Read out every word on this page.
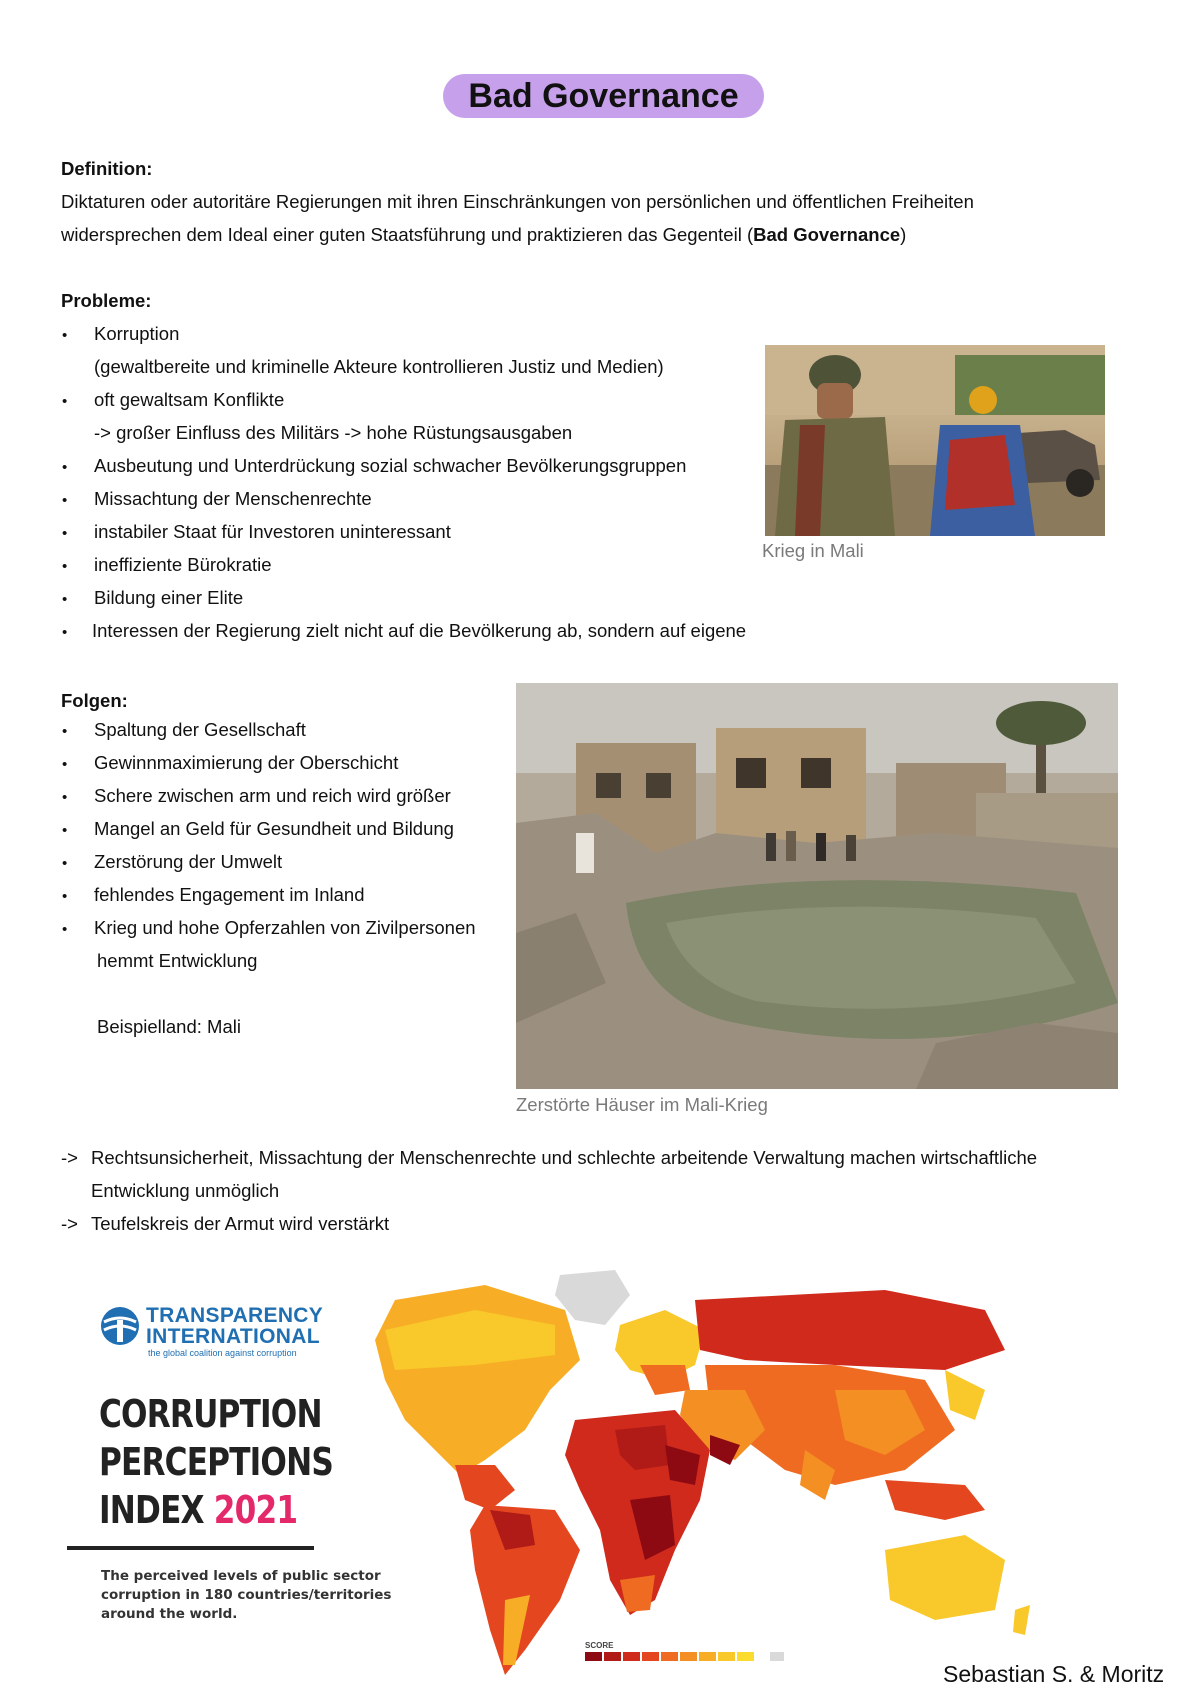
Bad Governance
Definition:
Diktaturen oder autoritäre Regierungen mit ihren Einschränkungen von persönlichen und öffentlichen Freiheiten
widersprechen dem Ideal einer guten Staatsführung und praktizieren das Gegenteil (Bad Governance)
Probleme:
• Korruption
(gewaltbereite und kriminelle Akteure kontrollieren Justiz und Medien)
• oft gewaltsam Konflikte
-> großer Einfluss des Militärs -> hohe Rüstungsausgaben
• Ausbeutung und Unterdrückung sozial schwacher Bevölkerungsgruppen
• Missachtung der Menschenrechte
• instabiler Staat für Investoren uninteressant
• ineffiziente Bürokratie
• Bildung einer Elite
• Interessen der Regierung zielt nicht auf die Bevölkerung ab, sondern auf eigene
Krieg in Mali
Folgen:
• Spaltung der Gesellschaft
• Gewinnmaximierung der Oberschicht
• Schere zwischen arm und reich wird größer
• Mangel an Geld für Gesundheit und Bildung
• Zerstörung der Umwelt
• fehlendes Engagement im Inland
• Krieg und hohe Opferzahlen von Zivilpersonen
hemmt Entwicklung
Beispielland: Mali
Zerstörte Häuser im Mali-Krieg
-> Rechtsunsicherheit, Missachtung der Menschenrechte und schlechte arbeitende Verwaltung machen wirtschaftliche
Entwicklung unmöglich
-> Teufelskreis der Armut wird verstärkt
TRANSPARENCY
INTERNATIONAL
the global coalition against corruption
CORRUPTION
PERCEPTIONS
INDEX 2021
The perceived levels of public sector
corruption in 180 countries/territories
around the world.
SCORE
Sebastian S. & Moritz
